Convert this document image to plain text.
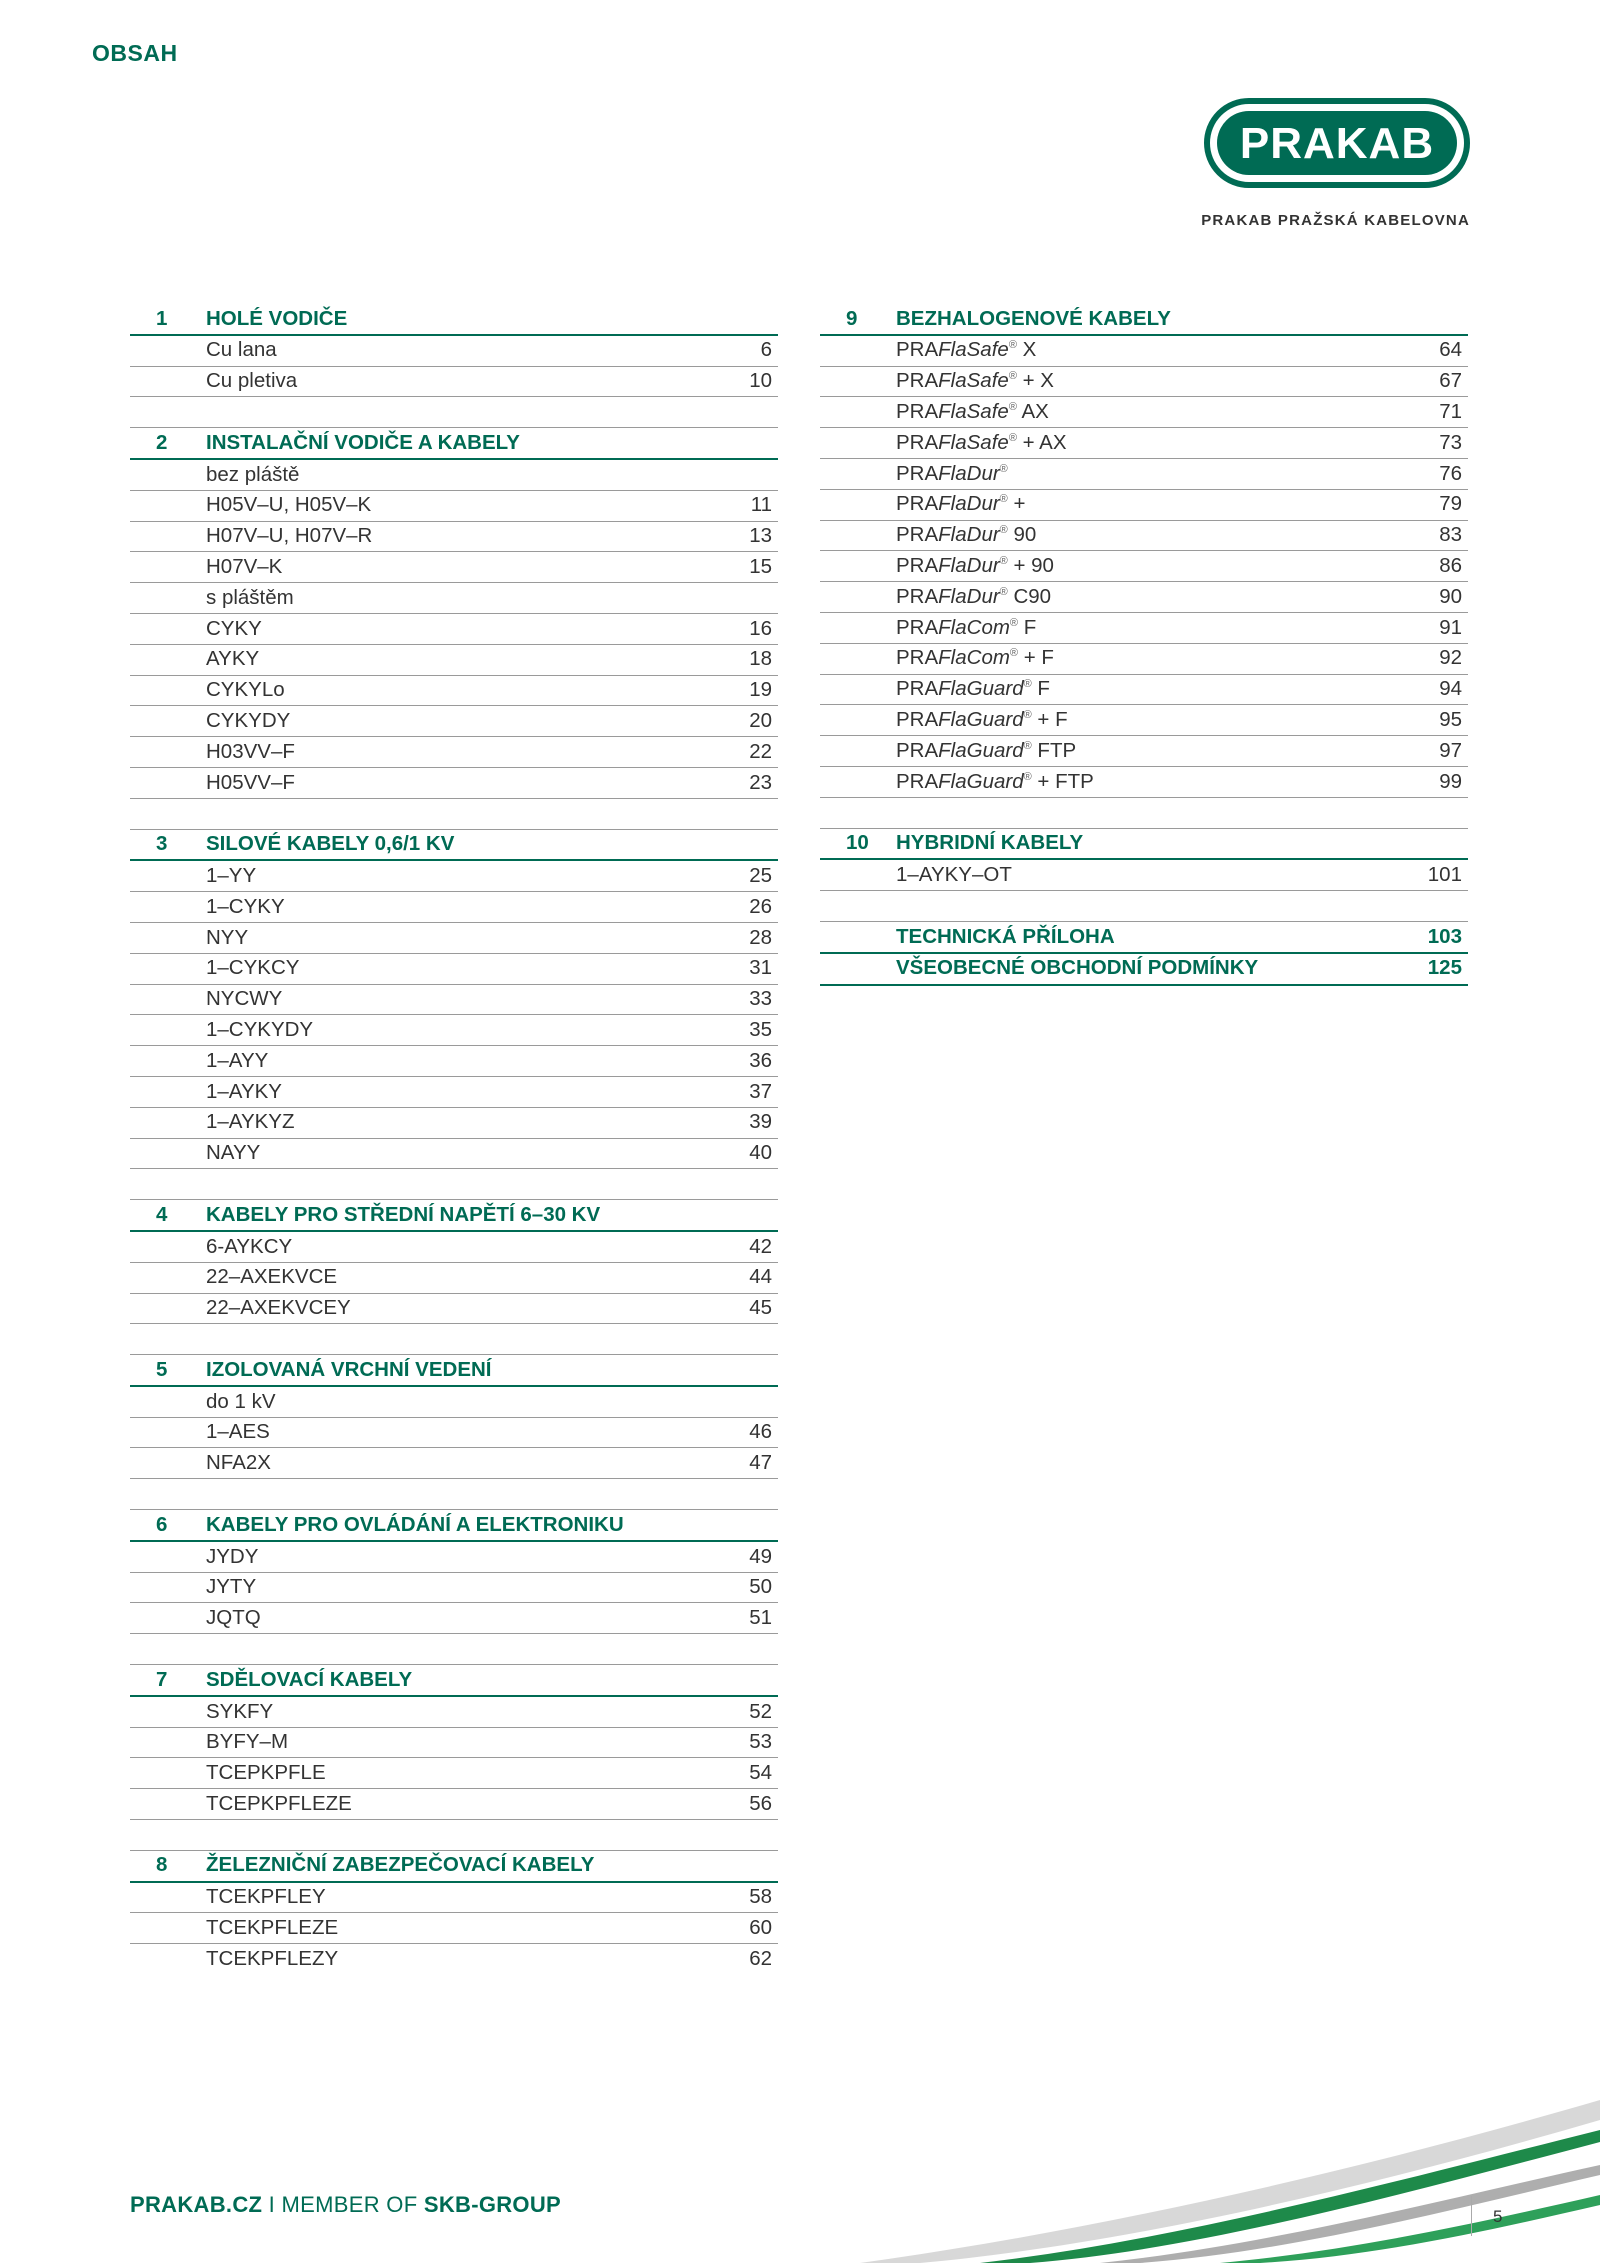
OBSAH
PRAKAB
PRAKAB PRAŽSKÁ KABELOVNA
1	HOLÉ VODIČE
Cu lana	6
Cu pletiva	10
2	INSTALAČNÍ VODIČE A KABELY
bez pláště
H05V–U, H05V–K	11
H07V–U, H07V–R	13
H07V–K	15
s pláštěm
CYKY	16
AYKY	18
CYKYLo	19
CYKYDY	20
H03VV–F	22
H05VV–F	23
3	SILOVÉ KABELY 0,6/1 KV
1–YY	25
1–CYKY	26
NYY	28
1–CYKCY	31
NYCWY	33
1–CYKYDY	35
1–AYY	36
1–AYKY	37
1–AYKYZ	39
NAYY	40
4	KABELY PRO STŘEDNÍ NAPĚTÍ 6–30 KV
6-AYKCY	42
22–AXEKVCE	44
22–AXEKVCEY	45
5	IZOLOVANÁ VRCHNÍ VEDENÍ
do 1 kV
1–AES	46
NFA2X	47
6	KABELY PRO OVLÁDÁNÍ A ELEKTRONIKU
JYDY	49
JYTY	50
JQTQ	51
7	SDĚLOVACÍ KABELY
SYKFY	52
BYFY–M	53
TCEPKPFLE	54
TCEPKPFLEZE	56
8	ŽELEZNIČNÍ ZABEZPEČOVACÍ KABELY
TCEKPFLEY	58
TCEKPFLEZE	60
TCEKPFLEZY	62
9	BEZHALOGENOVÉ KABELY
PRAFlaSafe® X	64
PRAFlaSafe® + X	67
PRAFlaSafe® AX	71
PRAFlaSafe® + AX	73
PRAFlaDur®	76
PRAFlaDur® +	79
PRAFlaDur® 90	83
PRAFlaDur® + 90	86
PRAFlaDur® C90	90
PRAFlaCom® F	91
PRAFlaCom® + F	92
PRAFlaGuard® F	94
PRAFlaGuard® + F	95
PRAFlaGuard® FTP	97
PRAFlaGuard® + FTP	99
10	HYBRIDNÍ KABELY
1–AYKY–OT	101
TECHNICKÁ PŘÍLOHA	103
VŠEOBECNÉ OBCHODNÍ PODMÍNKY	125
PRAKAB.CZ I MEMBER OF SKB-GROUP	5
